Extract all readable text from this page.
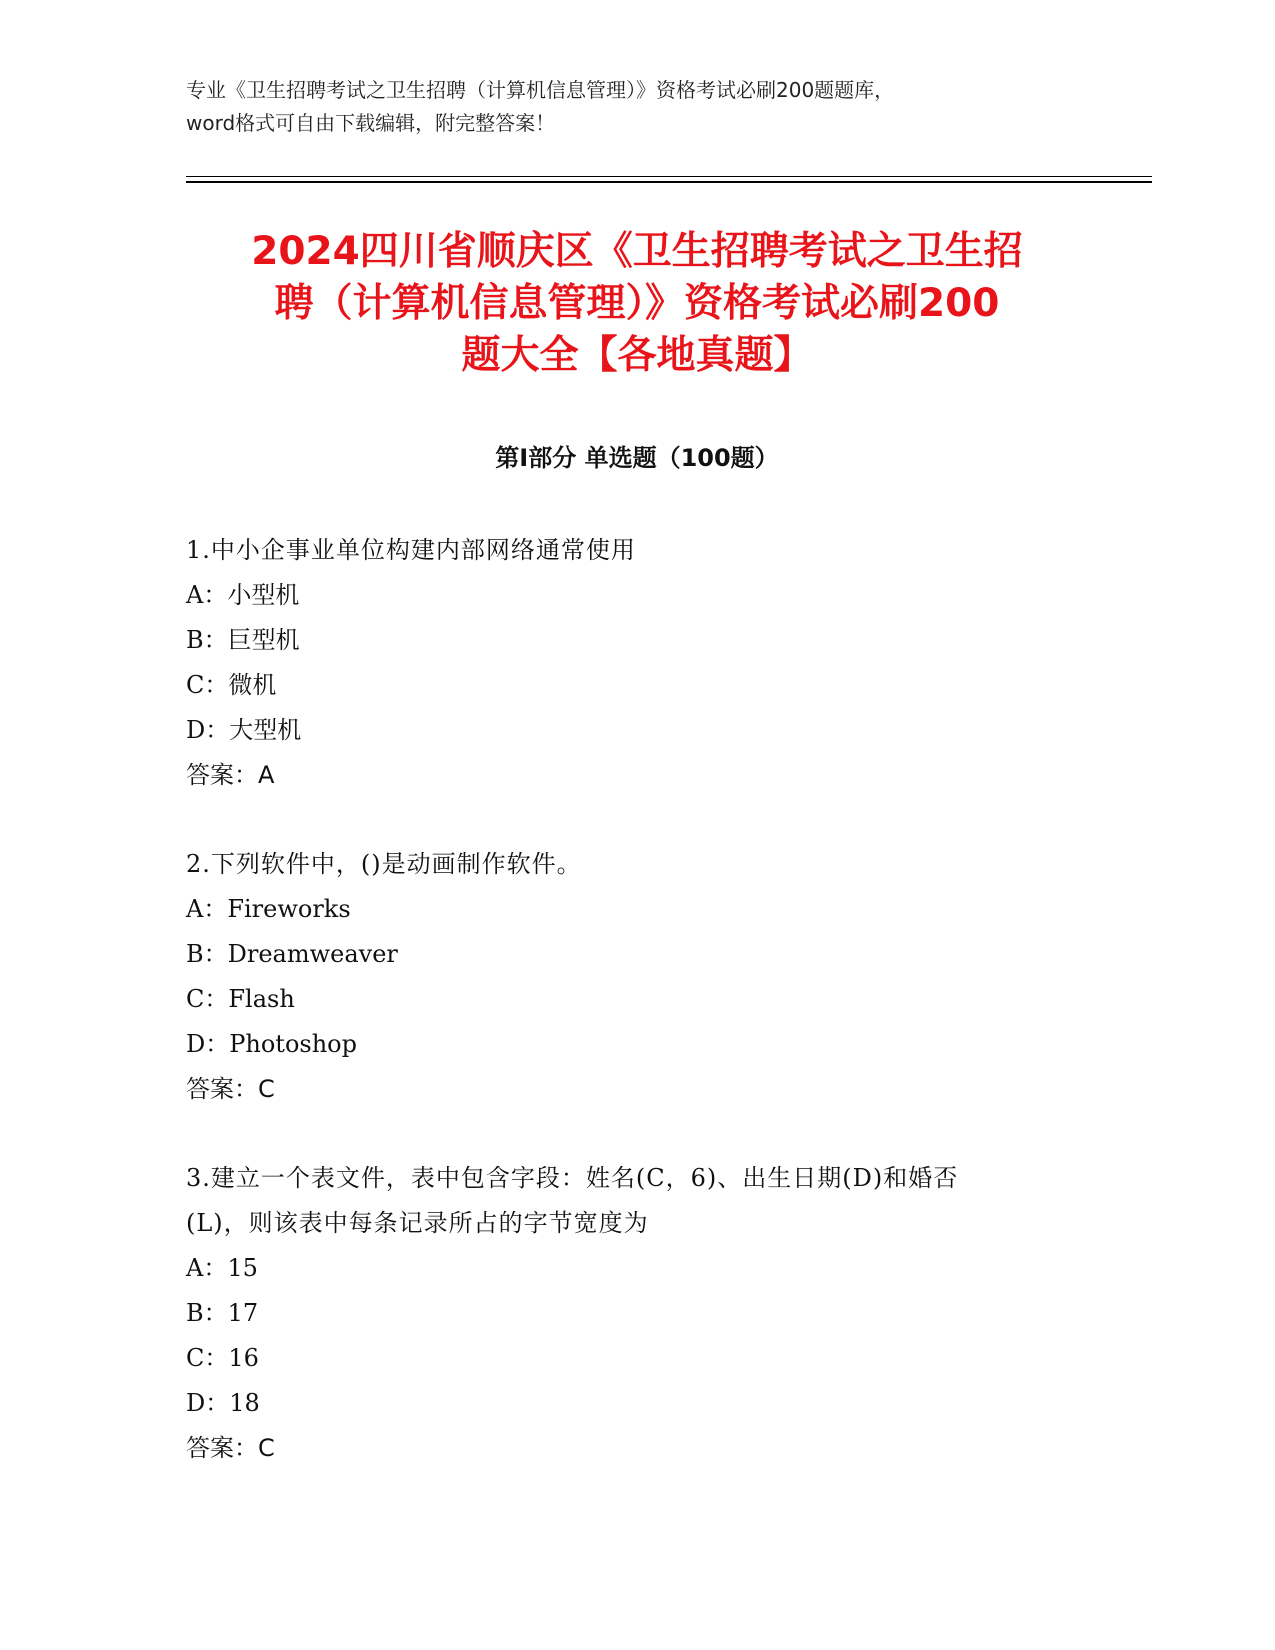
专业《卫生招聘考试之卫生招聘（计算机信息管理）》资格考试必刷200题题库，
word格式可自由下载编辑，附完整答案！
2024四川省顺庆区《卫生招聘考试之卫生招
聘（计算机信息管理）》资格考试必刷200
题大全【各地真题】
第I部分 单选题（100题）
1.中小企事业单位构建内部网络通常使用
A：小型机
B：巨型机
C：微机
D：大型机
答案：A
2.下列软件中，()是动画制作软件。
A：Fireworks
B：Dreamweaver
C：Flash
D：Photoshop
答案：C
3.建立一个表文件，表中包含字段：姓名(C，6)、出生日期(D)和婚否
(L)，则该表中每条记录所占的字节宽度为
A：15
B：17
C：16
D：18
答案：C
